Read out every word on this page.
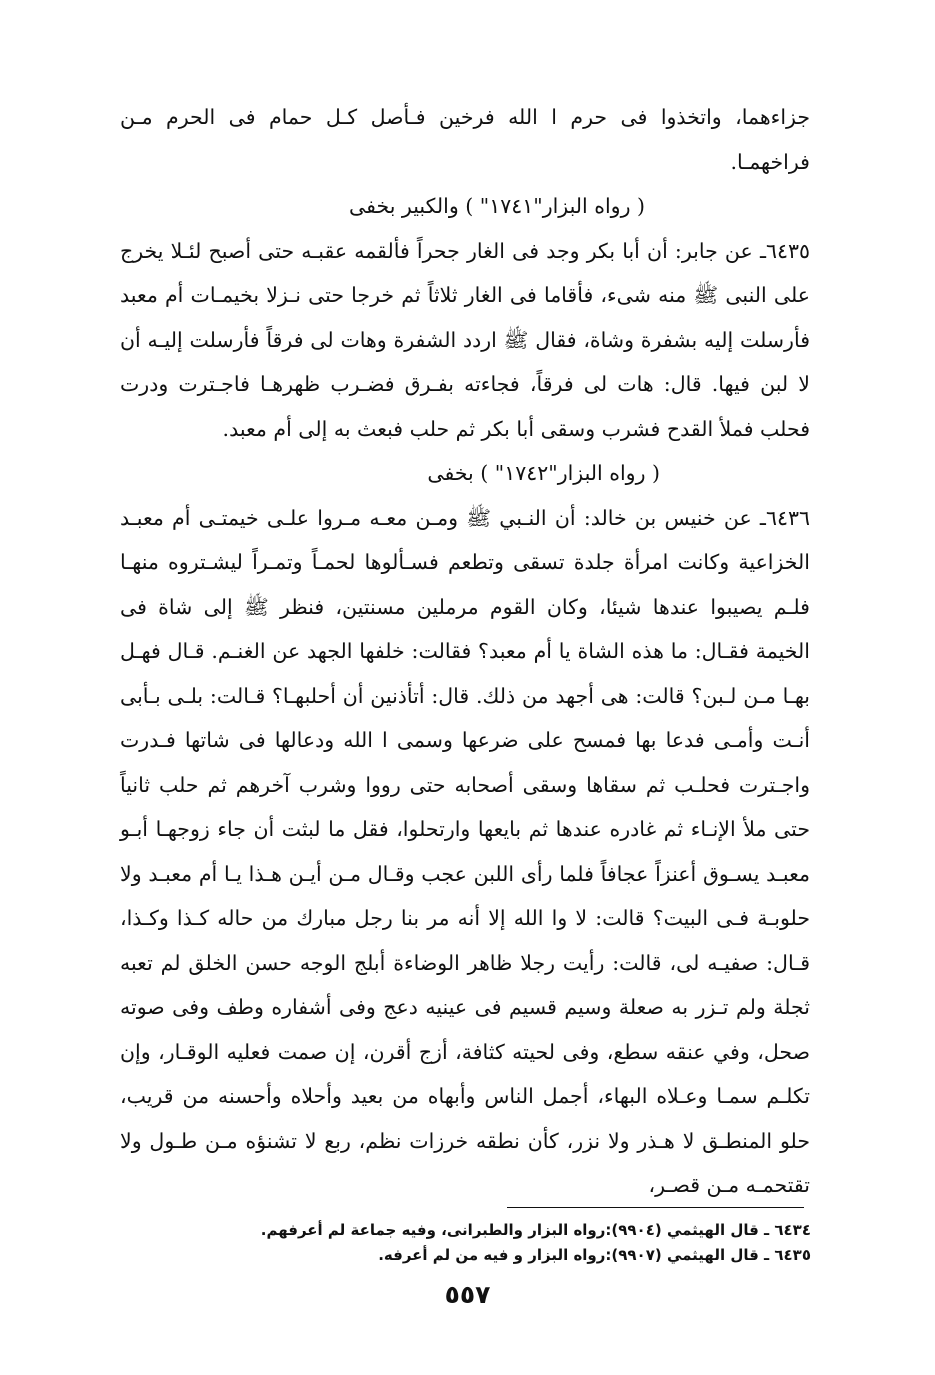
جزاءهما، واتخذوا فى حرم ا الله فرخين فـأصل كـل حمام فى الحرم مـن فراخهمـا.

( رواه البزار"١٧٤١" ) والكبير بخفى

٦٤٣٥ـ عن جابر: أن أبا بكر وجد فى الغار جحراً فألقمه عقبـه حتى أصبح لئـلا يخرج على النبى ﷺ منه شىء، فأقاما فى الغار ثلاثاً ثم خرجا حتى نـزلا بخيمـات أم معبد فأرسلت إليه بشفرة وشاة، فقال ﷺ اردد الشفرة وهات لى فرقاً فأرسلت إليـه أن لا لبن فيها. قال: هات لى فرقاً، فجاءته بفـرق فضـرب ظهرهـا فاجـترت ودرت فحلب فملأ القدح فشرب وسقى أبا بكر ثم حلب فبعث به إلى أم معبد.

( رواه البزار"١٧٤٢" ) بخفى

٦٤٣٦ـ عن خنيس بن خالد: أن النـبي ﷺ ومـن معـه مـروا علـى خيمتـى أم معبـد الخزاعية وكانت امرأة جلدة تسقى وتطعم فسـألوها لحمـاً وتمـراً ليشـتروه منهـا فلـم يصيبوا عندها شيئا، وكان القوم مرملين مسنتين، فنظر ﷺ إلى شاة فى الخيمة فقـال: ما هذه الشاة يا أم معبد؟ فقالت: خلفها الجهد عن الغنـم. قـال فهـل بهـا مـن لـبن؟ قالت: هى أجهد من ذلك. قال: أتأذنين أن أحلبهـا؟ قـالت: بلـى بـأبى أنـت وأمـى فدعا بها فمسح على ضرعها وسمى ا الله ودعالها فى شاتها فـدرت واجـترت فحلـب ثم سقاها وسقى أصحابه حتى رووا وشرب آخرهم ثم حلب ثانياً حتى ملأ الإنـاء ثم غادره عندها ثم بايعها وارتحلوا، فقل ما لبثت أن جاء زوجهـا أبـو معبـد يسـوق أعنزاً عجافاً فلما رأى اللبن عجب وقـال مـن أيـن هـذا يـا أم معبـد ولا حلوبـة فـى البيت؟ قالت: لا وا الله إلا أنه مر بنا رجل مبارك من حاله كـذا وكـذا، قـال: صفيـه لى، قالت: رأيت رجلا ظاهر الوضاءة أبلج الوجه حسن الخلق لم تعبه ثجلة ولم تـزر به صعلة وسيم قسيم فى عينيه دعج وفى أشفاره وطف وفى صوته صحل، وفي عنقه سطع، وفى لحيته كثافة، أزج أقرن، إن صمت فعليه الوقـار، وإن تكلـم سمـا وعـلاه البهاء، أجمل الناس وأبهاه من بعيد وأحلاه وأحسنه من قريب، حلو المنطـق لا هـذر ولا نزر، كأن نطقه خرزات نظم، ربع لا تشنؤه مـن طـول ولا تقتحمـه مـن قصـر،

٦٤٣٤ ـ قال الهيثمي (٩٩٠٤):رواه البزار والطبرانى، وفيه جماعة لم أعرفهم.
٦٤٣٥ ـ قال الهيثمي (٩٩٠٧):رواه البزار و فيه من لم أعرفه.
٥٥٧
